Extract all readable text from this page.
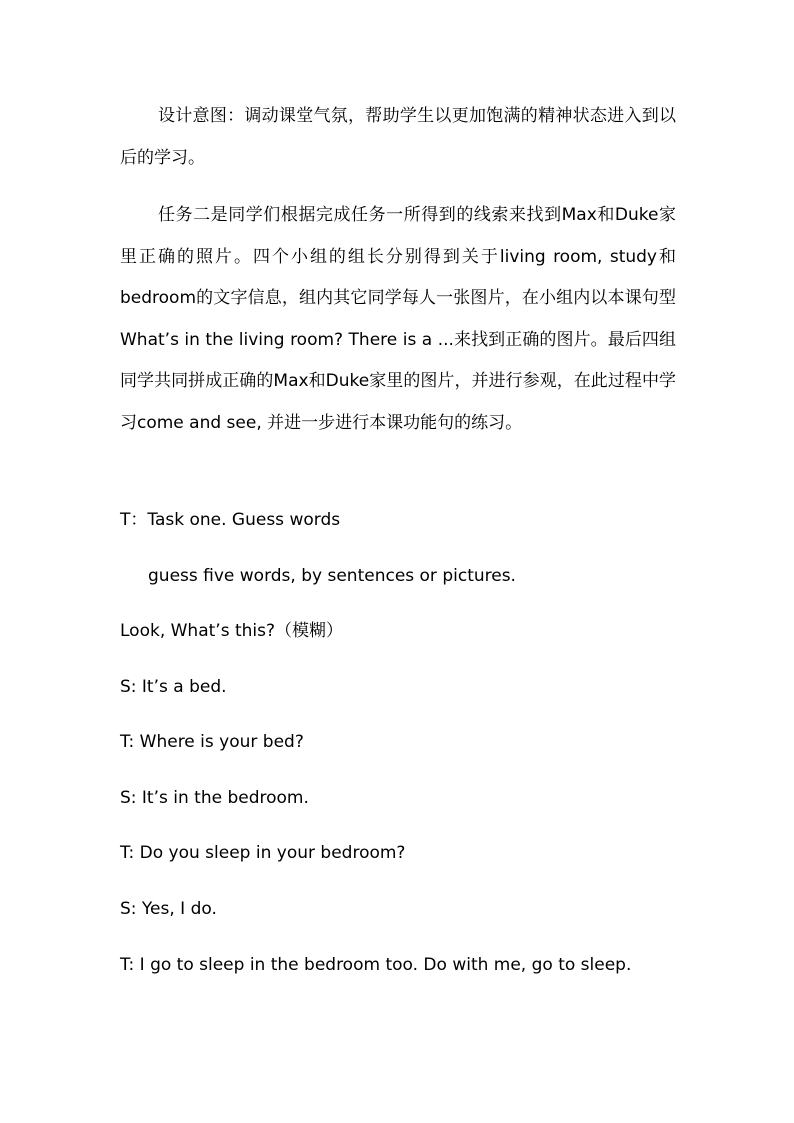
设计意图：调动课堂气氛，帮助学生以更加饱满的精神状态进入到以后的学习。

任务二是同学们根据完成任务一所得到的线索来找到Max和Duke家里正确的照片。四个小组的组长分别得到关于living room, study和bedroom的文字信息，组内其它同学每人一张图片，在小组内以本课句型What’s in the living room? There is a ...来找到正确的图片。最后四组同学共同拼成正确的Max和Duke家里的图片，并进行参观，在此过程中学习come and see, 并进一步进行本课功能句的练习。

T：Task one. Guess words

guess five words, by sentences or pictures.

Look, What’s this?（模糊）

S: It’s a bed.

T: Where is your bed?

S: It’s in the bedroom.

T: Do you sleep in your bedroom?

S: Yes, I do.

T: I go to sleep in the bedroom too. Do with me, go to sleep.
